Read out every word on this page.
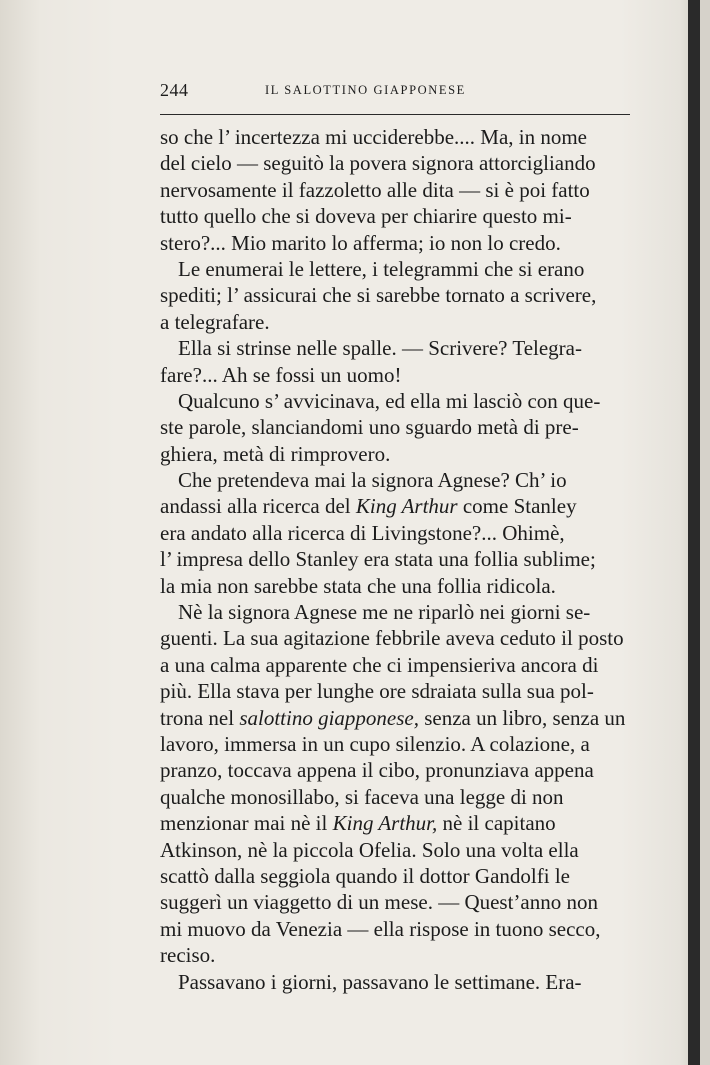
244	IL SALOTTINO GIAPPONESE
so che l’ incertezza mi ucciderebbe.... Ma, in nome
del cielo — seguitò la povera signora attorcigliando
nervosamente il fazzoletto alle dita — si è poi fatto
tutto quello che si doveva per chiarire questo mi-
stero?... Mio marito lo afferma; io non lo credo.
Le enumerai le lettere, i telegrammi che si erano
spediti; l’ assicurai che si sarebbe tornato a scrivere,
a telegrafare.
Ella si strinse nelle spalle. — Scrivere? Telegra-
fare?... Ah se fossi un uomo!
Qualcuno s’ avvicinava, ed ella mi lasciò con que-
ste parole, slanciandomi uno sguardo metà di pre-
ghiera, metà di rimprovero.
Che pretendeva mai la signora Agnese? Ch’ io
andassi alla ricerca del King Arthur come Stanley
era andato alla ricerca di Livingstone?... Ohimè,
l’ impresa dello Stanley era stata una follia sublime;
la mia non sarebbe stata che una follia ridicola.
Nè la signora Agnese me ne riparlò nei giorni se-
guenti. La sua agitazione febbrile aveva ceduto il posto
a una calma apparente che ci impensieriva ancora di
più. Ella stava per lunghe ore sdraiata sulla sua pol-
trona nel salottino giapponese, senza un libro, senza un
lavoro, immersa in un cupo silenzio. A colazione, a
pranzo, toccava appena il cibo, pronunziava appena
qualche monosillabo, si faceva una legge di non
menzionar mai nè il King Arthur, nè il capitano
Atkinson, nè la piccola Ofelia. Solo una volta ella
scattò dalla seggiola quando il dottor Gandolfi le
suggerì un viaggetto di un mese. — Quest’anno non
mi muovo da Venezia — ella rispose in tuono secco,
reciso.
Passavano i giorni, passavano le settimane. Era-
